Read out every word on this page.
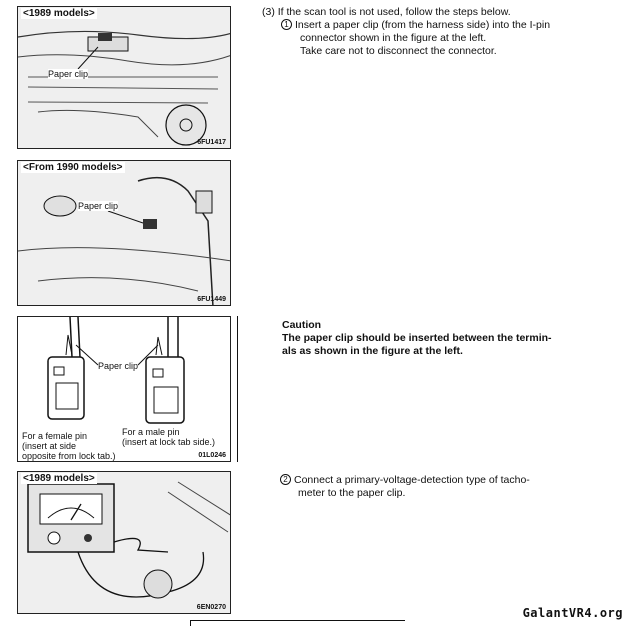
<1989 models>
Paper clip
6FU1417
<From 1990 models>
Paper clip
6FU1449
Paper clip
For a female pin
(insert at side
opposite from lock tab.)
For a male pin
(insert at lock tab side.)
01L0246
<1989 models>
6EN0270
(3) If the scan tool is not used, follow the steps below.
1 Insert a paper clip (from the harness side) into the I-pin
connector shown in the figure at the left.
Take care not to disconnect the connector.
Caution
The paper clip should be inserted between the termin-
als as shown in the figure at the left.
2 Connect a primary-voltage-detection type of tacho-
meter to the paper clip.
GalantVR4.org
